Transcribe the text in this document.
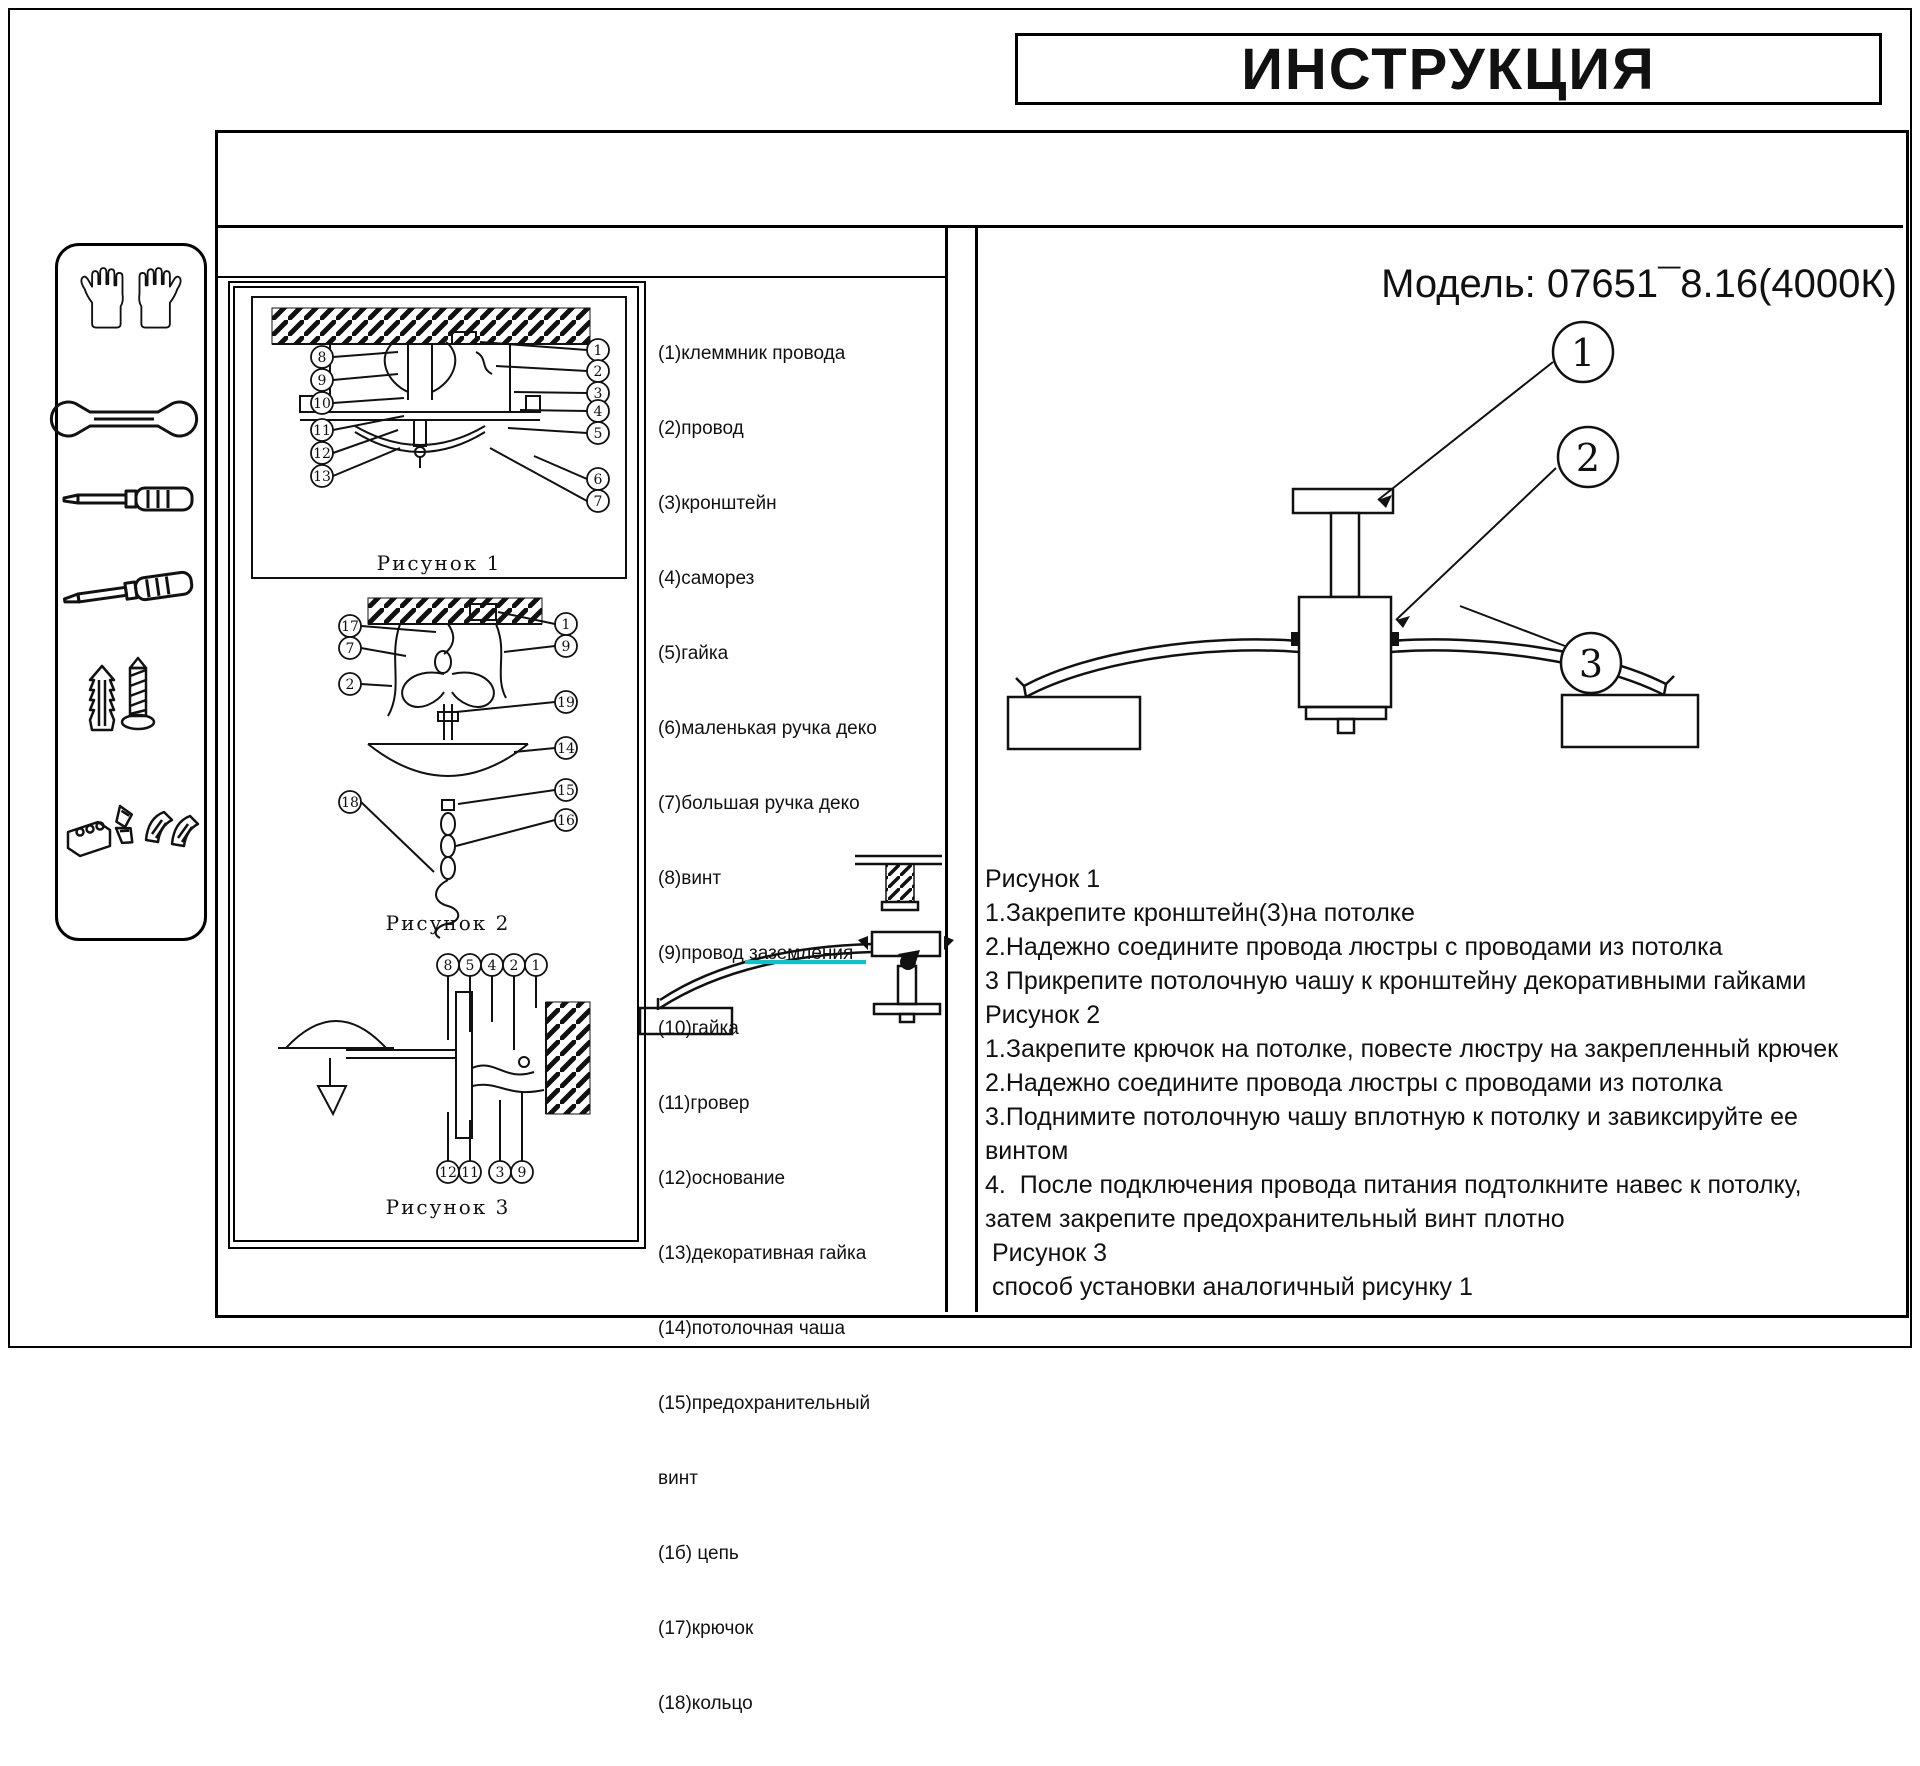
ИНСТРУКЦИЯ
8
9
10
11
12
13
1
2
3
4
5
6
7
Рисунок 1
17
7
2
18
1
9
19
14
15
16
Рисунок 2
8 5 4 2 1
12 11 3 9
Рисунок 3

(1)клеммник провода

(2)провод

(3)кронштейн

(4)саморез

(5)гайка

(6)маленькая ручка деко

(7)большая ручка деко

(8)винт

(9)провод заземления

(10)гайка

(11)гровер

(12)основание

(13)декоративная гайка

(14)потолочная чаша

(15)предохранительный

винт

(1б) цепь

(17)крючок

(18)кольцо

Модель: 07651¯8.16(4000К)
1
2
3
Рисунок 1
1.Закрепите кронштейн(3)на потолке
2.Надежно соедините провода люстры с проводами из потолка
3 Прикрепите потолочную чашу к кронштейну декоративными гайками
Рисунок 2
1.Закрепите крючок на потолке, повесте люстру на закрепленный крючек
2.Надежно соедините провода люстры с проводами из потолка
3.Поднимите потолочную чашу вплотную к потолку и завиксируйте ее
винтом
4.  После подключения провода питания подтолкните навес к потолку,
затем закрепите предохранительный винт плотно
Рисунок 3
способ установки аналогичный рисунку 1
